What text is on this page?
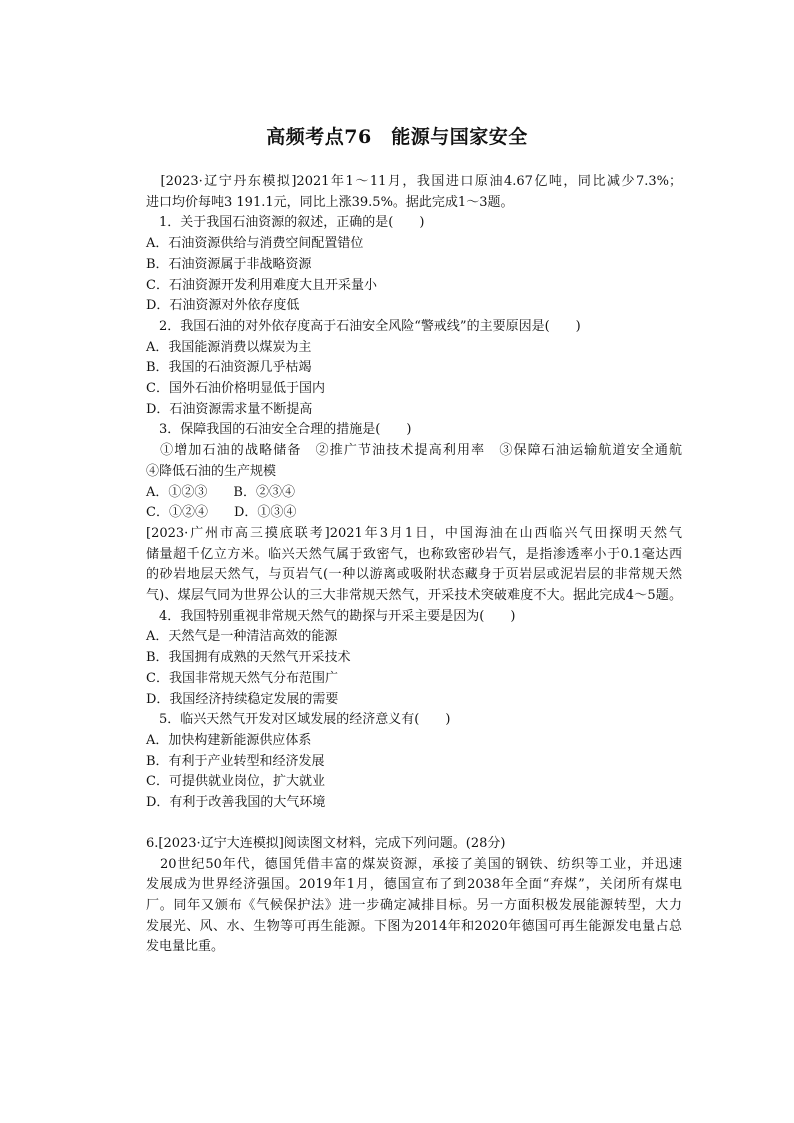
高频考点76　能源与国家安全
　[2023·辽宁丹东模拟]2021年1～11月，我国进口原油4.67亿吨，同比减少7.3%；
进口均价每吨3 191.1元，同比上涨39.5%。据此完成1～3题。
　1．关于我国石油资源的叙述，正确的是(　　)
A．石油资源供给与消费空间配置错位
B．石油资源属于非战略资源
C．石油资源开发利用难度大且开采量小
D．石油资源对外依存度低
　2．我国石油的对外依存度高于石油安全风险“警戒线”的主要原因是(　　)
A．我国能源消费以煤炭为主
B．我国的石油资源几乎枯竭
C．国外石油价格明显低于国内
D．石油资源需求量不断提高
　3．保障我国的石油安全合理的措施是(　　)
　①增加石油的战略储备　②推广节油技术提高利用率　③保障石油运输航道安全通航
④降低石油的生产规模
A．①②③　　B．②③④
C．①②④　　D．①③④
[2023·广州市高三摸底联考]2021年3月1日，中国海油在山西临兴气田探明天然气
储量超千亿立方米。临兴天然气属于致密气，也称致密砂岩气，是指渗透率小于0.1毫达西
的砂岩地层天然气，与页岩气(一种以游离或吸附状态藏身于页岩层或泥岩层的非常规天然
气)、煤层气同为世界公认的三大非常规天然气，开采技术突破难度不大。据此完成4～5题。
　4．我国特别重视非常规天然气的勘探与开采主要是因为(　　)
A．天然气是一种清洁高效的能源
B．我国拥有成熟的天然气开采技术
C．我国非常规天然气分布范围广
D．我国经济持续稳定发展的需要
　5．临兴天然气开发对区域发展的经济意义有(　　)
A．加快构建新能源供应体系
B．有利于产业转型和经济发展
C．可提供就业岗位，扩大就业
D．有利于改善我国的大气环境
6.[2023·辽宁大连模拟]阅读图文材料，完成下列问题。(28分)
　20世纪50年代，德国凭借丰富的煤炭资源，承接了美国的钢铁、纺织等工业，并迅速
发展成为世界经济强国。2019年1月，德国宣布了到2038年全面“弃煤”，关闭所有煤电
厂。同年又颁布《气候保护法》进一步确定减排目标。另一方面积极发展能源转型，大力
发展光、风、水、生物等可再生能源。下图为2014年和2020年德国可再生能源发电量占总
发电量比重。
